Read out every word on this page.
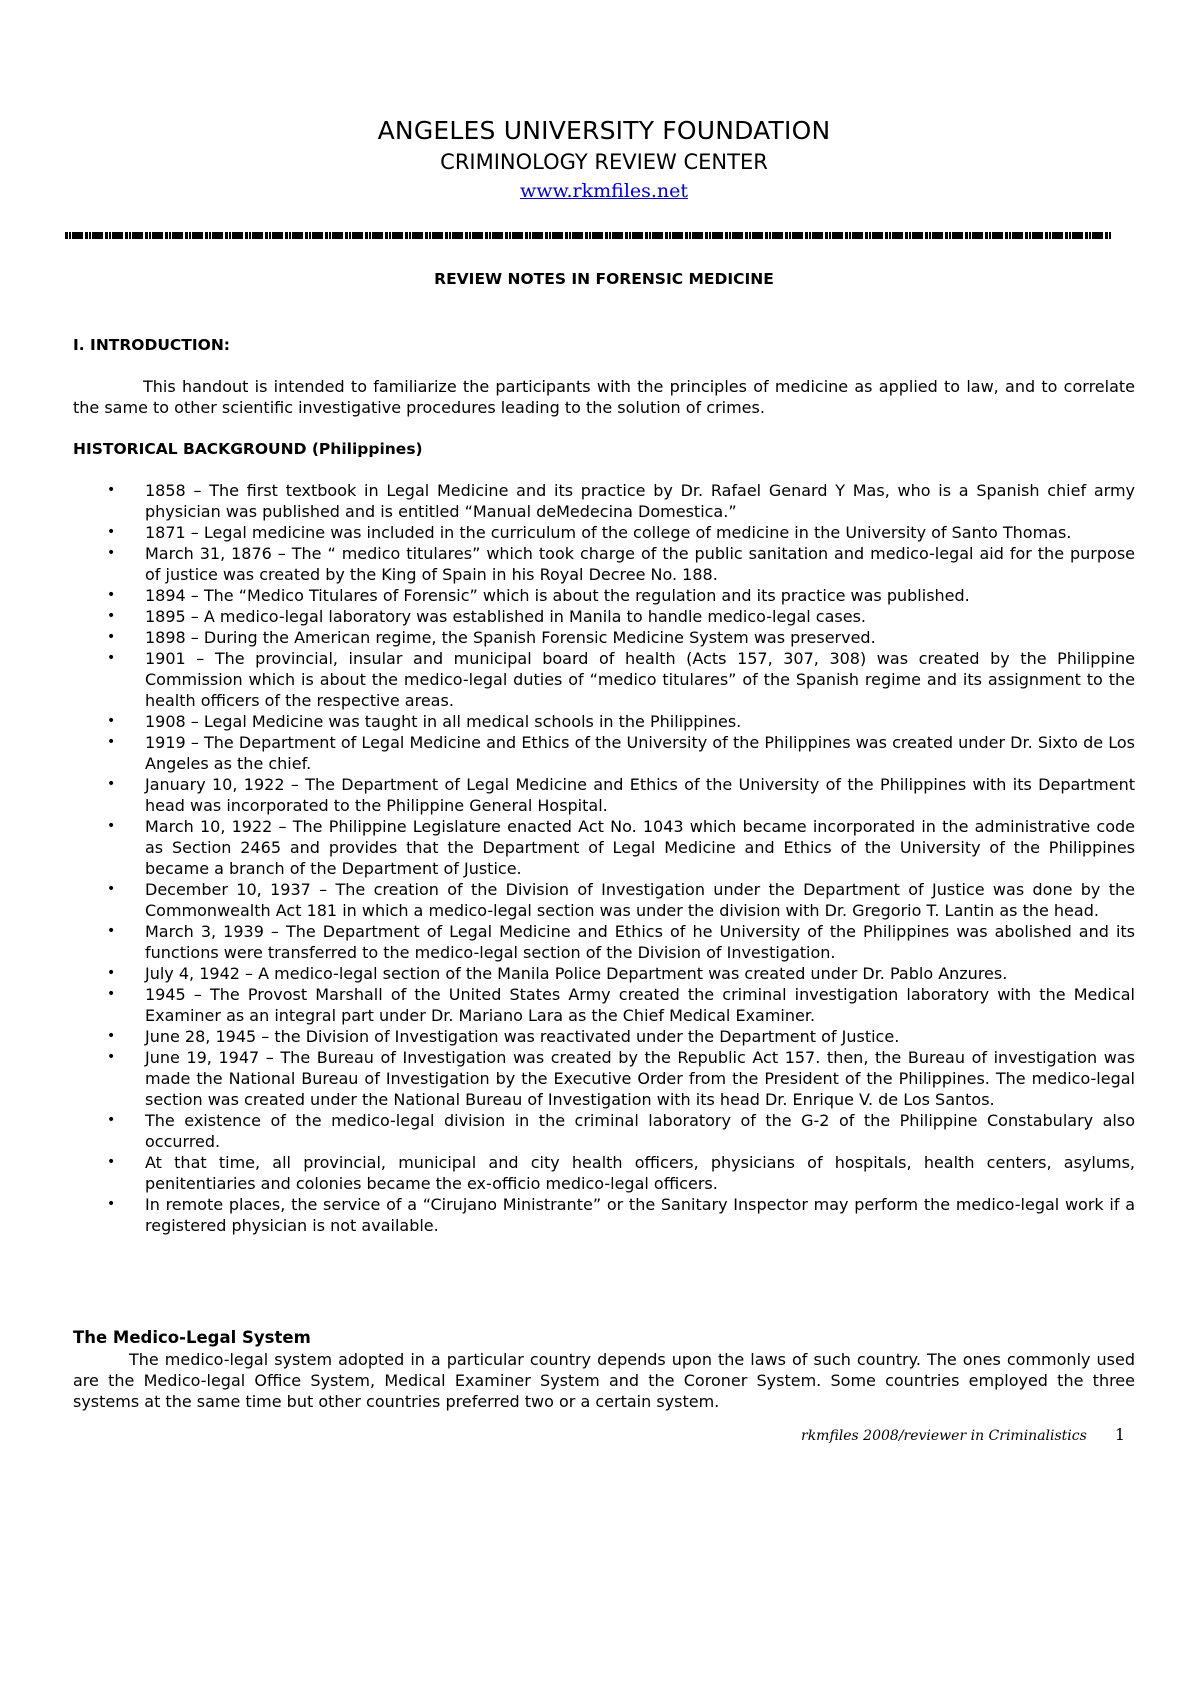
ANGELES UNIVERSITY FOUNDATION
CRIMINOLOGY REVIEW CENTER
www.rkmfiles.net
REVIEW NOTES IN FORENSIC MEDICINE
I. INTRODUCTION:

This handout is intended to familiarize the participants with the principles of medicine as applied to law, and to correlate the same to other scientific investigative procedures leading to the solution of crimes.

HISTORICAL BACKGROUND (Philippines)
• 1858 – The first textbook in Legal Medicine and its practice by Dr. Rafael Genard Y Mas, who is a Spanish chief army physician was published and is entitled “Manual deMedecina Domestica.”
• 1871 – Legal medicine was included in the curriculum of the college of medicine in the University of Santo Thomas.
• March 31, 1876 – The “ medico titulares” which took charge of the public sanitation and medico-legal aid for the purpose of justice was created by the King of Spain in his Royal Decree No. 188.
• 1894 – The “Medico Titulares of Forensic” which is about the regulation and its practice was published.
• 1895 – A medico-legal laboratory was established in Manila to handle medico-legal cases.
• 1898 – During the American regime, the Spanish Forensic Medicine System was preserved.
• 1901 – The provincial, insular and municipal board of health (Acts 157, 307, 308) was created by the Philippine Commission which is about the medico-legal duties of “medico titulares” of the Spanish regime and its assignment to the health officers of the respective areas.
• 1908 – Legal Medicine was taught in all medical schools in the Philippines.
• 1919 – The Department of Legal Medicine and Ethics of the University of the Philippines was created under Dr. Sixto de Los Angeles as the chief.
• January 10, 1922 – The Department of Legal Medicine and Ethics of the University of the Philippines with its Department head was incorporated to the Philippine General Hospital.
• March 10, 1922 – The Philippine Legislature enacted Act No. 1043 which became incorporated in the administrative code as Section 2465 and provides that the Department of Legal Medicine and Ethics of the University of the Philippines became a branch of the Department of Justice.
• December 10, 1937 – The creation of the Division of Investigation under the Department of Justice was done by the Commonwealth Act 181 in which a medico-legal section was under the division with Dr. Gregorio T. Lantin as the head.
• March 3, 1939 – The Department of Legal Medicine and Ethics of he University of the Philippines was abolished and its functions were transferred to the medico-legal section of the Division of Investigation.
• July 4, 1942 – A medico-legal section of the Manila Police Department was created under Dr. Pablo Anzures.
• 1945 – The Provost Marshall of the United States Army created the criminal investigation laboratory with the Medical Examiner as an integral part under Dr. Mariano Lara as the Chief Medical Examiner.
• June 28, 1945 – the Division of Investigation was reactivated under the Department of Justice.
• June 19, 1947 – The Bureau of Investigation was created by the Republic Act 157. then, the Bureau of investigation was made the National Bureau of Investigation by the Executive Order from the President of the Philippines. The medico-legal section was created under the National Bureau of Investigation with its head Dr. Enrique V. de Los Santos.
• The existence of the medico-legal division in the criminal laboratory of the G-2 of the Philippine Constabulary also occurred.
• At that time, all provincial, municipal and city health officers, physicians of hospitals, health centers, asylums, penitentiaries and colonies became the ex-officio medico-legal officers.
• In remote places, the service of a “Cirujano Ministrante” or the Sanitary Inspector may perform the medico-legal work if a registered physician is not available.
The Medico-Legal System

The medico-legal system adopted in a particular country depends upon the laws of such country. The ones commonly used are the Medico-legal Office System, Medical Examiner System and the Coroner System. Some countries employed the three systems at the same time but other countries preferred two or a certain system.

rkmfiles 2008/reviewer in Criminalistics 1
